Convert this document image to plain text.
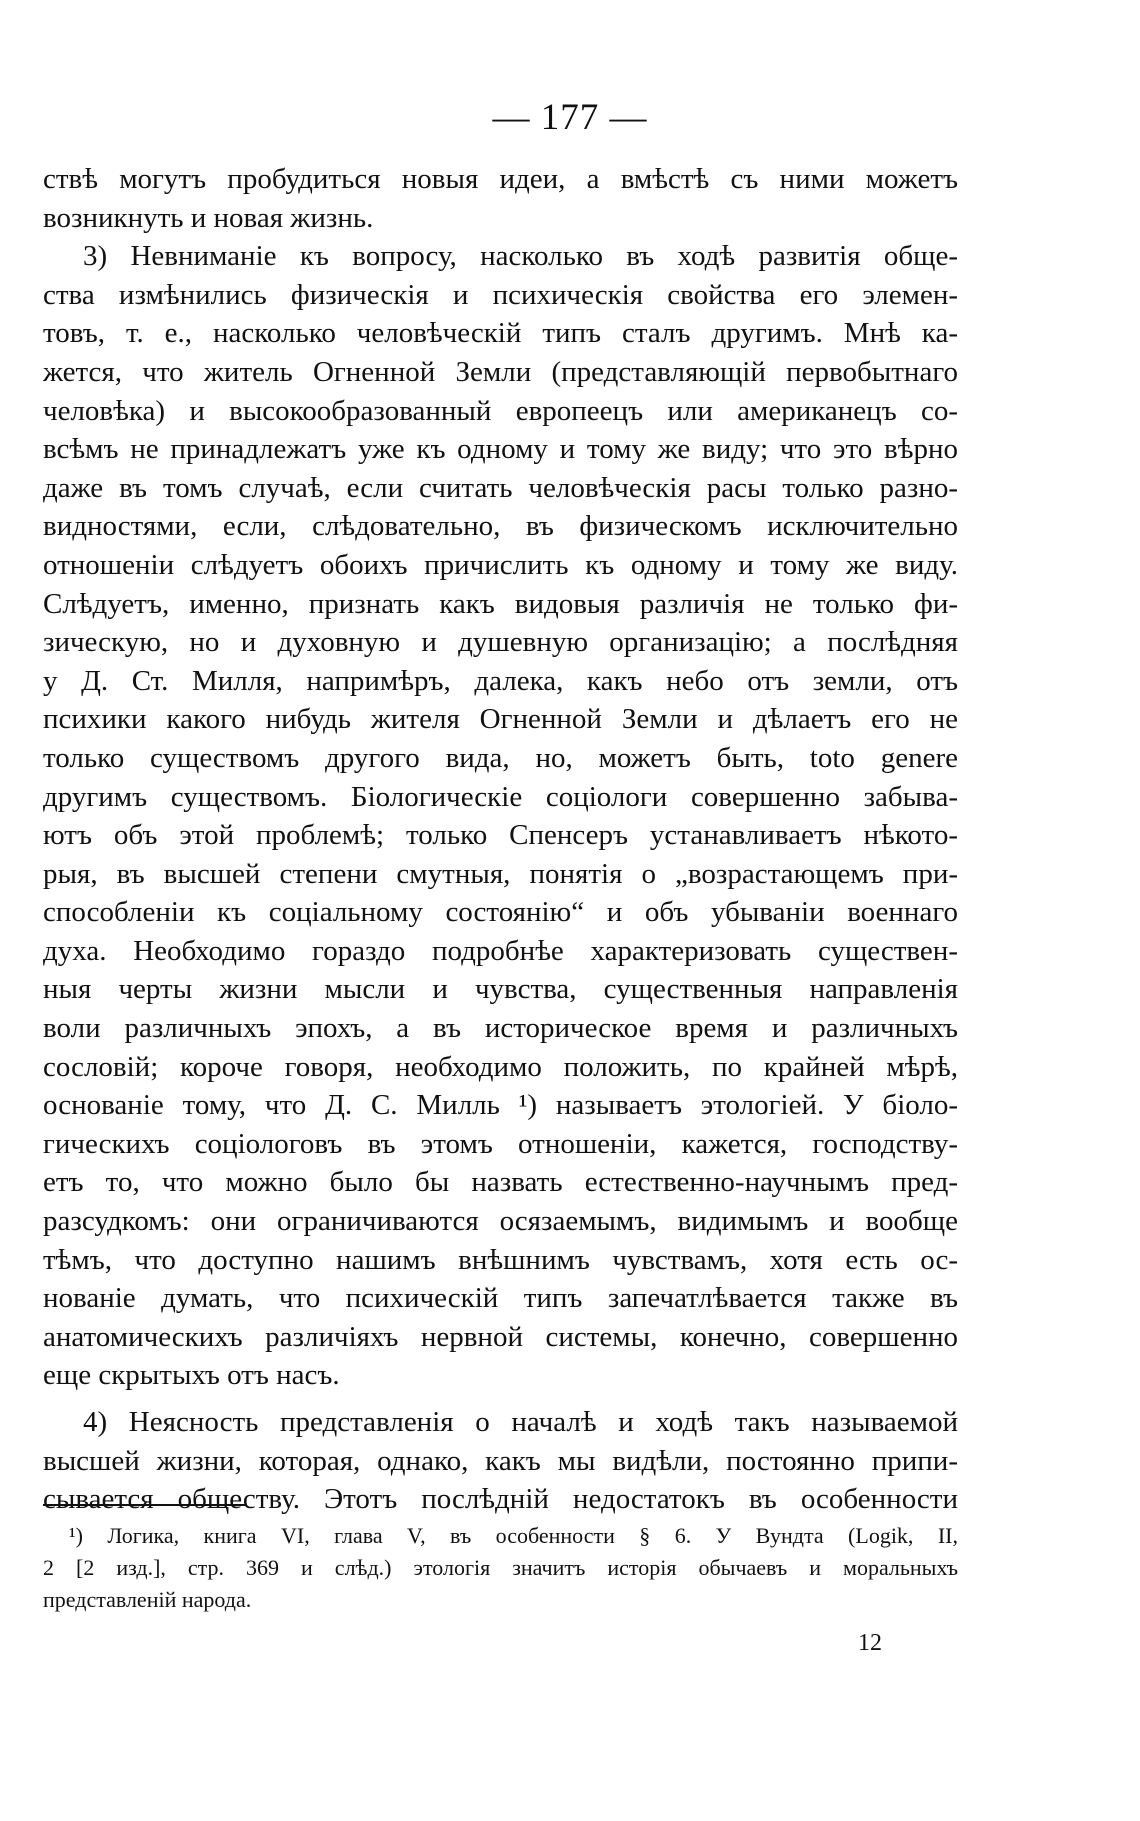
— 177 —
ствѣ могутъ пробудиться новыя идеи, а вмѣстѣ съ ними можетъ
возникнуть и новая жизнь.
3) Невниманіе къ вопросу, насколько въ ходѣ развитія обще-
ства измѣнились физическія и психическія свойства его элемен-
товъ, т. е., насколько человѣческій типъ сталъ другимъ. Мнѣ ка-
жется, что житель Огненной Земли (представляющій первобытнаго
человѣка) и высокообразованный европеецъ или американецъ со-
всѣмъ не принадлежатъ уже къ одному и тому же виду; что это вѣрно
даже въ томъ случаѣ, если считать человѣческія расы только разно-
видностями, если, слѣдовательно, въ физическомъ исключительно
отношеніи слѣдуетъ обоихъ причислить къ одному и тому же виду.
Слѣдуетъ, именно, признать какъ видовыя различія не только фи-
зическую, но и духовную и душевную организацію; а послѣдняя
у Д. Ст. Милля, напримѣръ, далека, какъ небо отъ земли, отъ
психики какого нибудь жителя Огненной Земли и дѣлаетъ его не
только существомъ другого вида, но, можетъ быть, toto genere
другимъ существомъ. Біологическіе соціологи совершенно забыва-
ютъ объ этой проблемѣ; только Спенсеръ устанавливаетъ нѣкото-
рыя, въ высшей степени смутныя, понятія о „возрастающемъ при-
способленіи къ соціальному состоянію“ и объ убываніи военнаго
духа. Необходимо гораздо подробнѣе характеризовать существен-
ныя черты жизни мысли и чувства, существенныя направленія
воли различныхъ эпохъ, а въ историческое время и различныхъ
сословій; короче говоря, необходимо положить, по крайней мѣрѣ,
основаніе тому, что Д. С. Милль ¹) называетъ этологіей. У біоло-
гическихъ соціологовъ въ этомъ отношеніи, кажется, господству-
етъ то, что можно было бы назвать естественно-научнымъ пред-
разсудкомъ: они ограничиваются осязаемымъ, видимымъ и вообще
тѣмъ, что доступно нашимъ внѣшнимъ чувствамъ, хотя есть ос-
нованіе думать, что психическій типъ запечатлѣвается также въ
анатомическихъ различіяхъ нервной системы, конечно, совершенно
еще скрытыхъ отъ насъ.
4) Неясность представленія о началѣ и ходѣ такъ называемой
высшей жизни, которая, однако, какъ мы видѣли, постоянно припи-
сывается обществу. Этотъ послѣдній недостатокъ въ особенности
¹) Логика, книга VI, глава V, въ особенности § 6. У Вундта (Logik, II,
2 [2 изд.], стр. 369 и слѣд.) этологія значитъ исторія обычаевъ и моральныхъ
представленій народа.
12
